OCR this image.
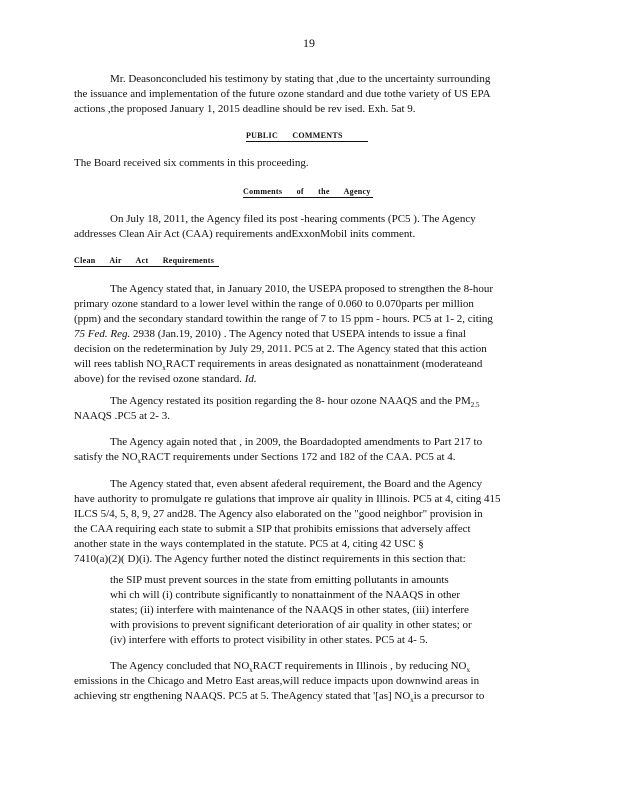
19
Mr. Deasonconcluded his testimony by stating that ,due to the uncertainty surrounding
the issuance and implementation of the future ozone standard and due tothe variety of US EPA
actions ,the proposed January 1, 2015 deadline should be rev ised. Exh. 5at 9.
PUBLIC COMMENTS
The Board received six comments in this proceeding.
Comments of the Agency
On July 18, 2011, the Agency filed its post -hearing comments (PC5 ). The Agency
addresses Clean Air Act (CAA) requirements andExxonMobil inits comment.
Clean Air Act Requirements
The Agency stated that, in January 2010, the USEPA proposed to strengthen the 8-hour
primary ozone standard to a lower level within the range of 0.060 to 0.070parts per million
(ppm) and the secondary standard towithin the range of 7 to 15 ppm - hours. PC5 at 1- 2, citing
75 Fed. Reg. 2938 (Jan.19, 2010) . The Agency noted that USEPA intends to issue a final
decision on the redetermination by July 29, 2011. PC5 at 2. The Agency stated that this action
will rees tablish $NO_xRACT$ requirements in areas designated as nonattainment (moderateand
above) for the revised ozone standard. Id.
The Agency restated its position regarding the 8- hour ozone NAAQS and the $PM_{2.5}$
NAAQS .PC5 at 2- 3.
The Agency again noted that , in 2009, the Boardadopted amendments to Part 217 to
satisfy the $NO_xRACT$ requirements under Sections 172 and 182 of the CAA. PC5 at 4.
The Agency stated that, even absent afederal requirement, the Board and the Agency
have authority to promulgate re gulations that improve air quality in Illinois. PC5 at 4, citing 415
ILCS 5/4, 5, 8, 9, 27 and28. The Agency also elaborated on the "good neighbor" provision in
the CAA requiring each state to submit a SIP that prohibits emissions that adversely affect
another state in the ways contemplated in the statute. PC5 at 4, citing 42 USC §
7410(a)(2)( D)(i). The Agency further noted the distinct requirements in this section that:
the SIP must prevent sources in the state from emitting pollutants in amounts
whi ch will (i) contribute significantly to nonattainment of the NAAQS in other
states; (ii) interfere with maintenance of the NAAQS in other states, (iii) interfere
with provisions to prevent significant deterioration of air quality in other states; or
(iv) interfere with efforts to protect visibility in other states. PC5 at 4- 5.
The Agency concluded that $NO_xRACT$ requirements in Illinois , by reducing $NO_x$
emissions in the Chicago and Metro East areas,will reduce impacts upon downwind areas in
achieving str engthening NAAQS. PC5 at 5. TheAgency stated that '[as] $NO_xis$ a precursor to
